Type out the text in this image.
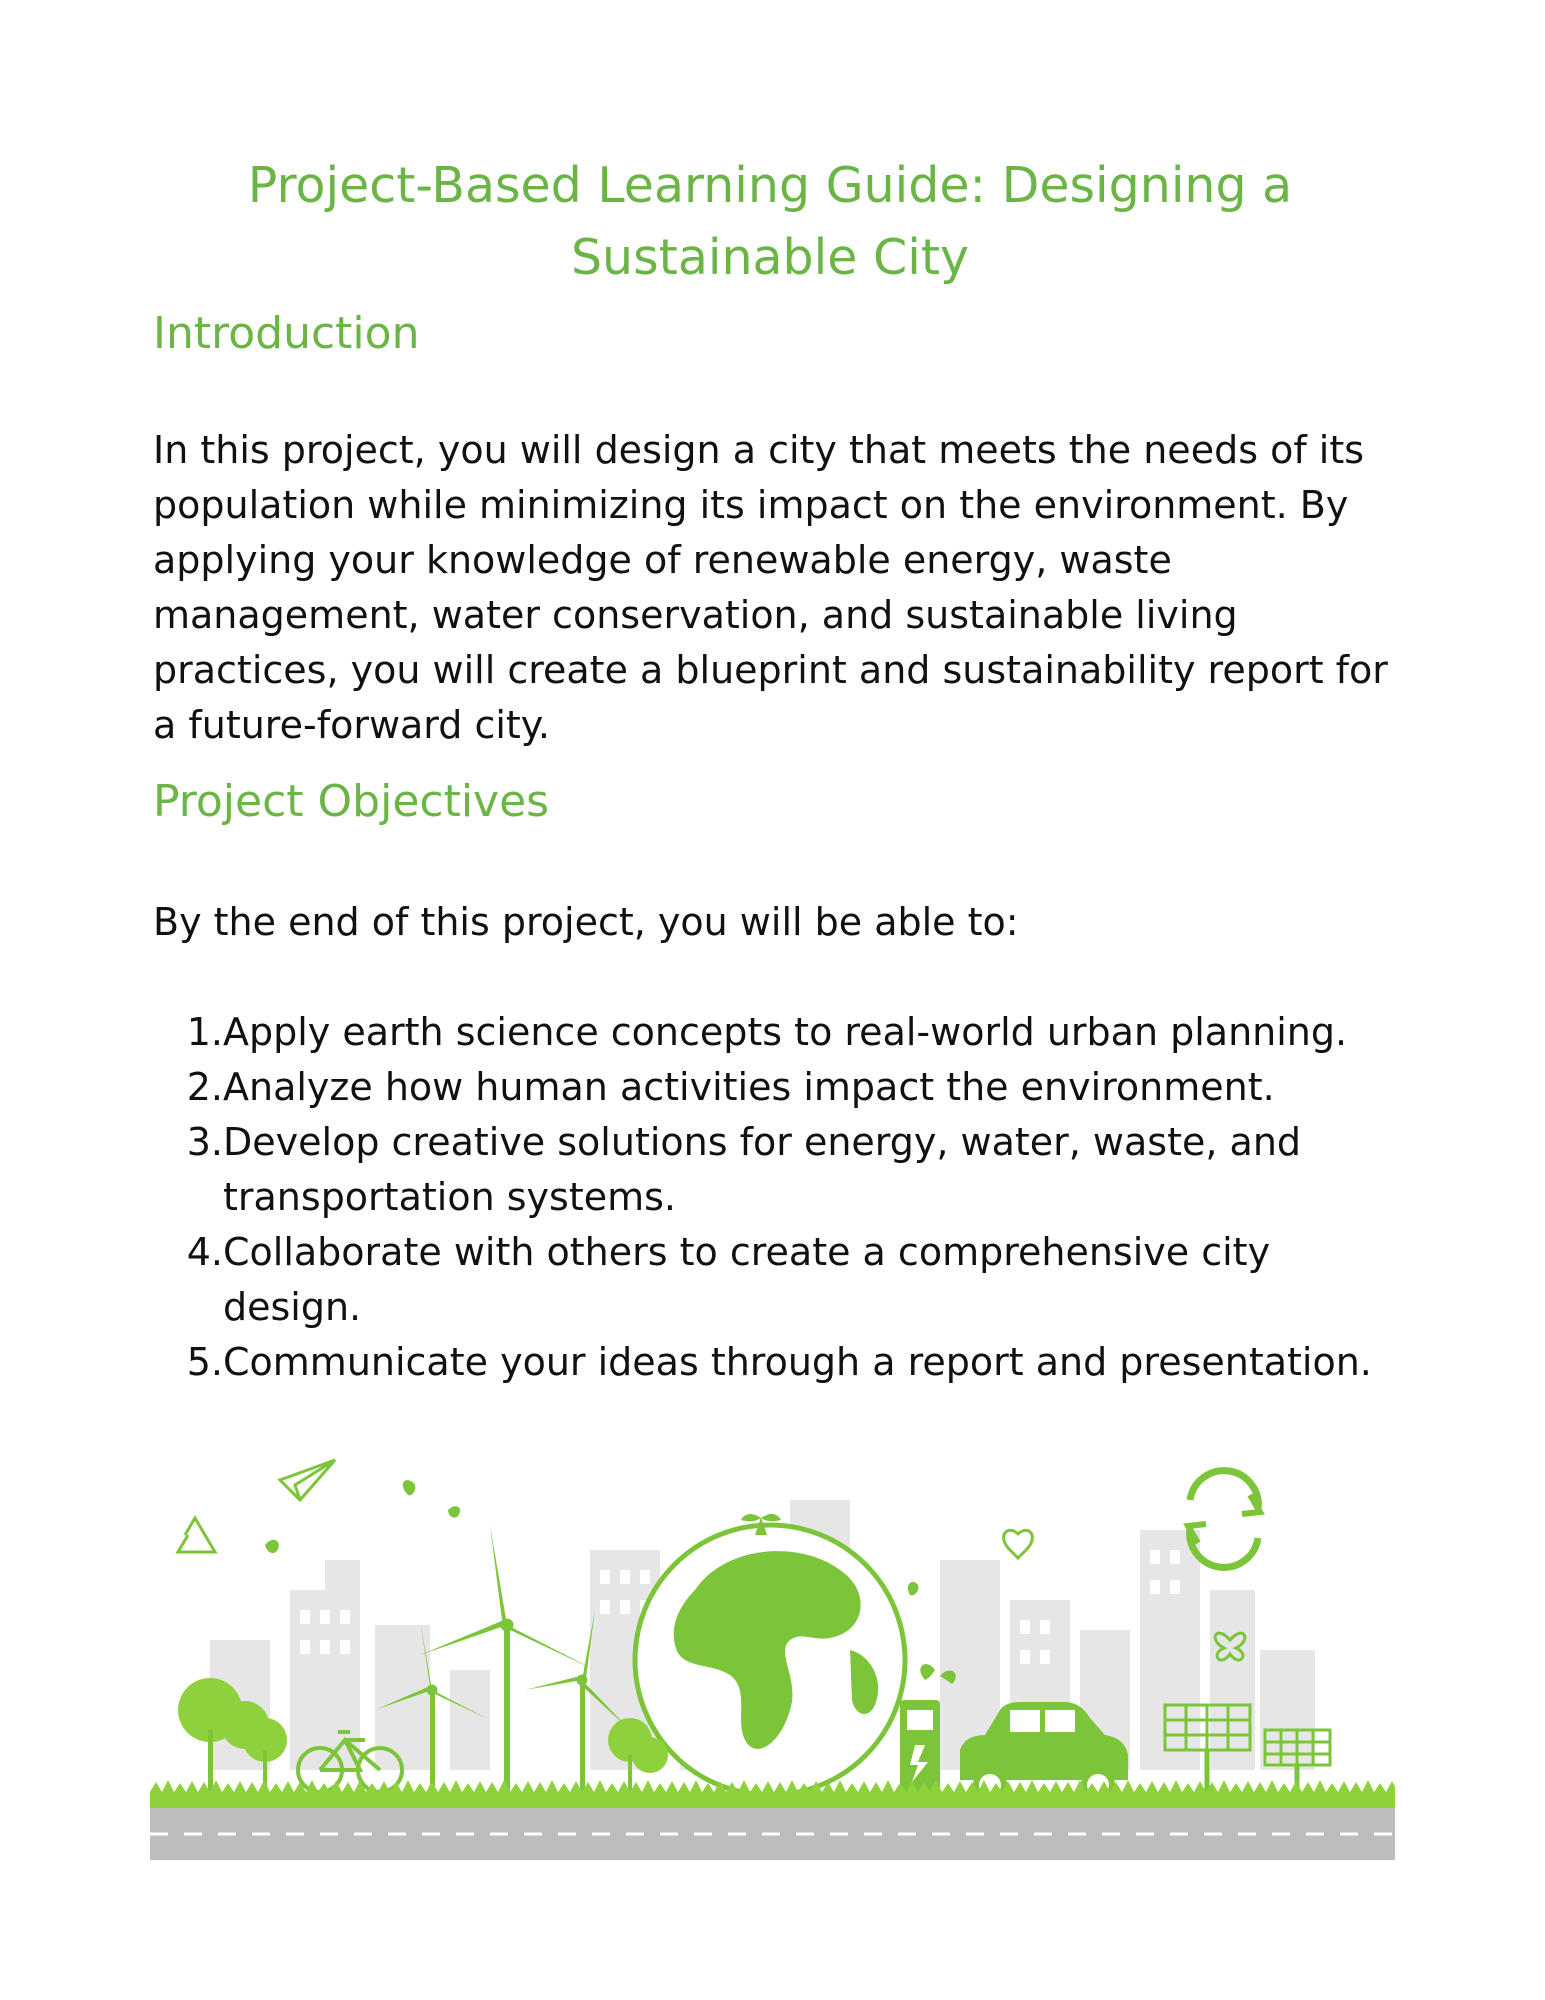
Project-Based Learning Guide: Designing a Sustainable City
Introduction

In this project, you will design a city that meets the needs of its population while minimizing its impact on the environment. By applying your knowledge of renewable energy, waste management, water conservation, and sustainable living practices, you will create a blueprint and sustainability report for a future-forward city.

Project Objectives

By the end of this project, you will be able to:

1. Apply earth science concepts to real-world urban planning.
2. Analyze how human activities impact the environment.
3. Develop creative solutions for energy, water, waste, and transportation systems.
4. Collaborate with others to create a comprehensive city design.
5. Communicate your ideas through a report and presentation.
